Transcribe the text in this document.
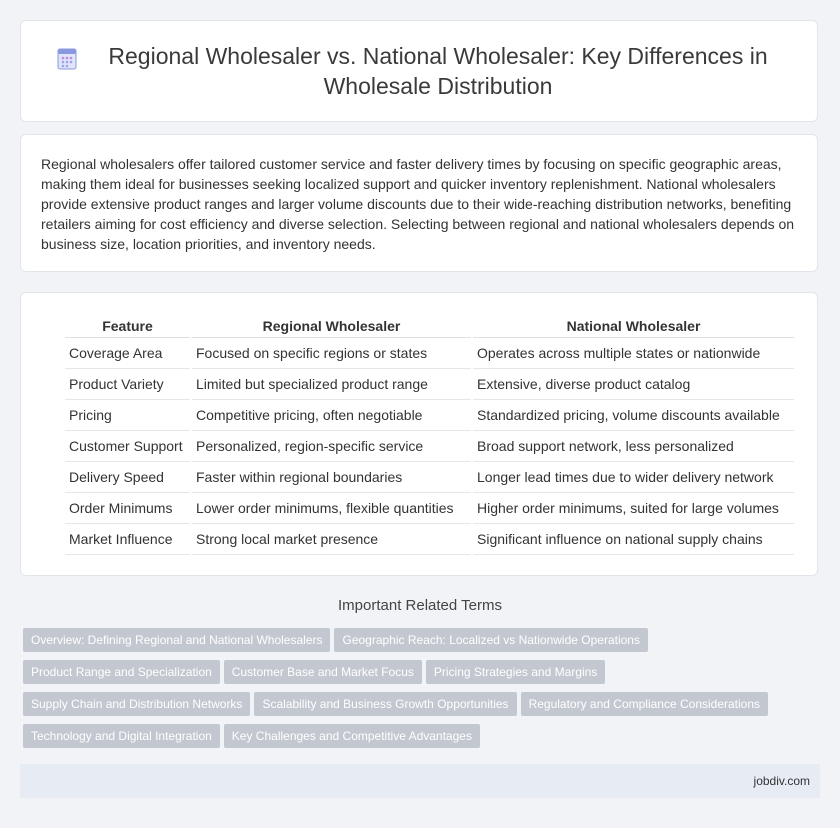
Regional Wholesaler vs. National Wholesaler: Key Differences in Wholesale Distribution

Regional wholesalers offer tailored customer service and faster delivery times by focusing on specific geographic areas, making them ideal for businesses seeking localized support and quicker inventory replenishment. National wholesalers provide extensive product ranges and larger volume discounts due to their wide-reaching distribution networks, benefiting retailers aiming for cost efficiency and diverse selection. Selecting between regional and national wholesalers depends on business size, location priorities, and inventory needs.

Feature	Regional Wholesaler	National Wholesaler
Coverage Area	Focused on specific regions or states	Operates across multiple states or nationwide
Product Variety	Limited but specialized product range	Extensive, diverse product catalog
Pricing	Competitive pricing, often negotiable	Standardized pricing, volume discounts available
Customer Support	Personalized, region-specific service	Broad support network, less personalized
Delivery Speed	Faster within regional boundaries	Longer lead times due to wider delivery network
Order Minimums	Lower order minimums, flexible quantities	Higher order minimums, suited for large volumes
Market Influence	Strong local market presence	Significant influence on national supply chains
Important Related Terms
Overview: Defining Regional and National Wholesalers Geographic Reach: Localized vs Nationwide Operations
Product Range and Specialization Customer Base and Market Focus Pricing Strategies and Margins
Supply Chain and Distribution Networks Scalability and Business Growth Opportunities Regulatory and Compliance Considerations
Technology and Digital Integration Key Challenges and Competitive Advantages
jobdiv.com
